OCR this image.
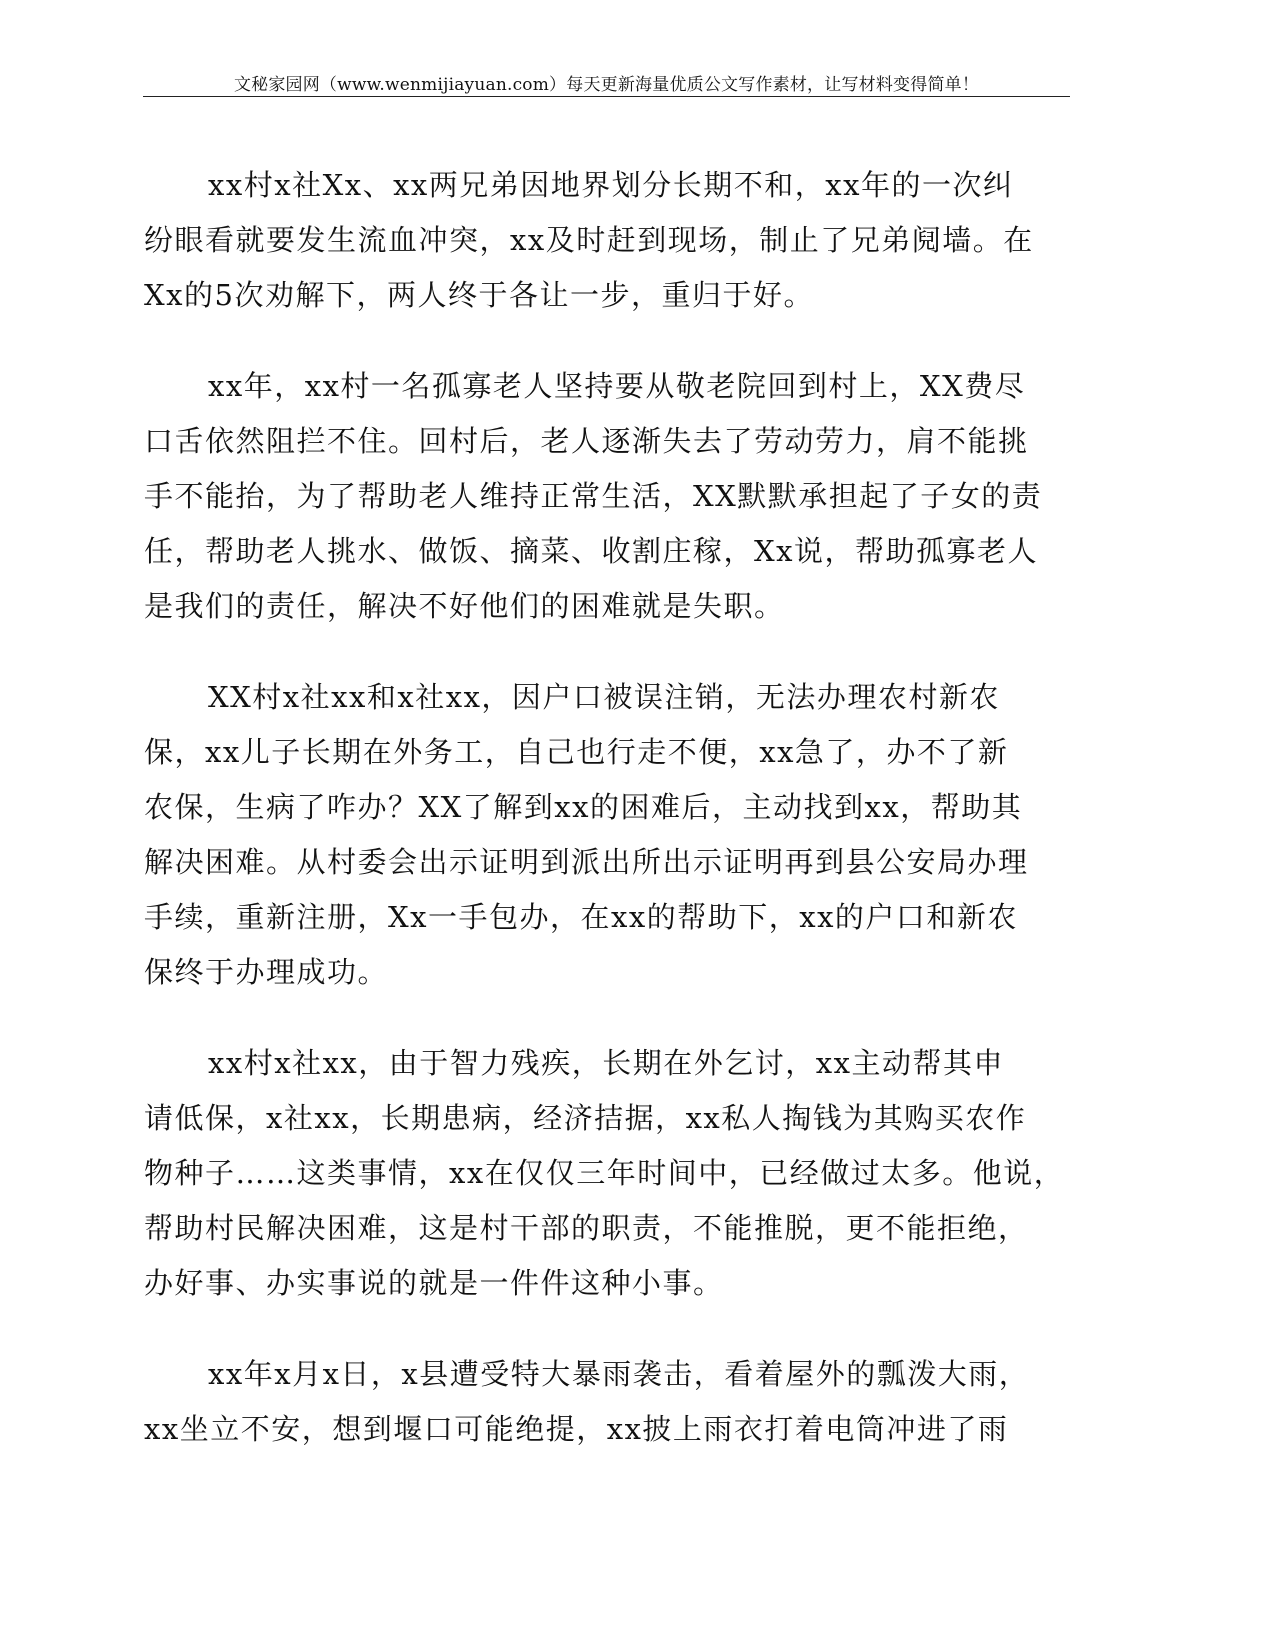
文秘家园网（www.wenmijiayuan.com）每天更新海量优质公文写作素材，让写材料变得简单！
xx村x社Xx、xx两兄弟因地界划分长期不和，xx年的一次纠
纷眼看就要发生流血冲突，xx及时赶到现场，制止了兄弟阋墙。在
Xx的5次劝解下，两人终于各让一步，重归于好。
xx年，xx村一名孤寡老人坚持要从敬老院回到村上，XX费尽
口舌依然阻拦不住。回村后，老人逐渐失去了劳动劳力，肩不能挑
手不能抬，为了帮助老人维持正常生活，XX默默承担起了子女的责
任，帮助老人挑水、做饭、摘菜、收割庄稼，Xx说，帮助孤寡老人
是我们的责任，解决不好他们的困难就是失职。
XX村x社xx和x社xx，因户口被误注销，无法办理农村新农
保，xx儿子长期在外务工，自己也行走不便，xx急了，办不了新
农保，生病了咋办？XX了解到xx的困难后，主动找到xx，帮助其
解决困难。从村委会出示证明到派出所出示证明再到县公安局办理
手续，重新注册，Xx一手包办，在xx的帮助下，xx的户口和新农
保终于办理成功。
xx村x社xx，由于智力残疾，长期在外乞讨，xx主动帮其申
请低保，x社xx，长期患病，经济拮据，xx私人掏钱为其购买农作
物种子……这类事情，xx在仅仅三年时间中，已经做过太多。他说，
帮助村民解决困难，这是村干部的职责，不能推脱，更不能拒绝，
办好事、办实事说的就是一件件这种小事。
xx年x月x日，x县遭受特大暴雨袭击，看着屋外的瓢泼大雨，
xx坐立不安，想到堰口可能绝提，xx披上雨衣打着电筒冲进了雨
